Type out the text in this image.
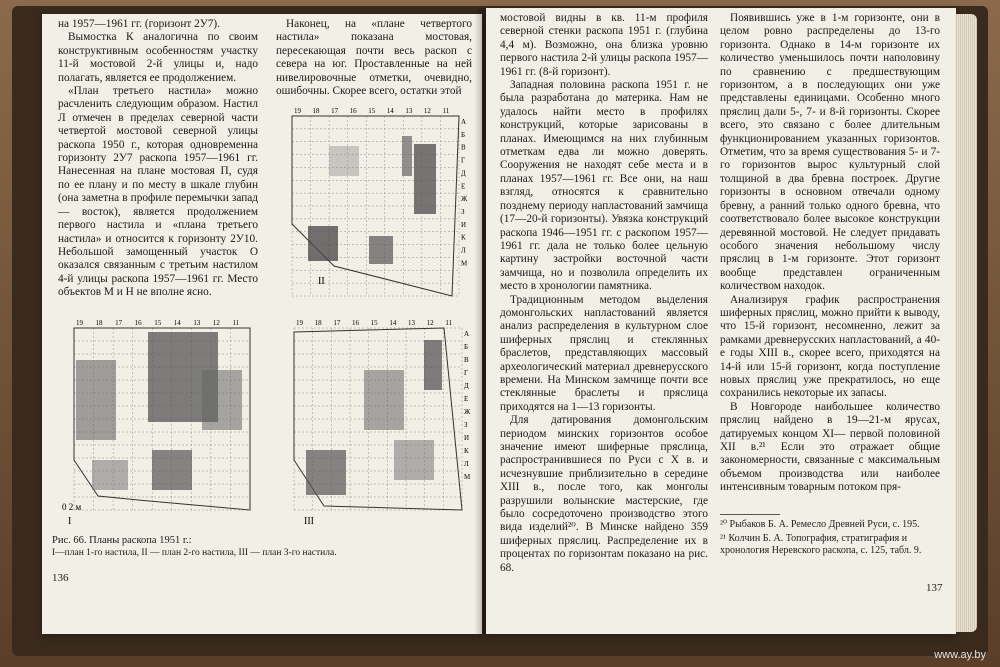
на 1957—1961 гг. (горизонт 2У7).

Вымостка К аналогична по своим конструктивным особенностям участку 11-й мостовой 2-й улицы и, надо полагать, является ее продолжением.

«План третьего настила» можно расчленить следующим образом. Настил Л отмечен в пределах северной части четвертой мостовой северной улицы раскопа 1950 г., которая одновременна горизонту 2У7 раскопа 1957—1961 гг. Нанесенная на плане мостовая П, судя по ее плану и по месту в шкале глубин (она заметна в профиле перемычки запад — восток), является продолжением первого настила и «плана третьего настила» и относится к горизонту 2У10. Небольшой замощенный участок О оказался связанным с третьим настилом 4-й улицы раскопа 1957—1961 гг. Место объектов М и Н не вполне ясно.

Наконец, на «плане четвертого настила» показана мостовая, пересекающая почти весь раскоп с севера на юг. Проставленные на ней нивелировочные отметки, очевидно, ошибочны. Скорее всего, остатки этой

II
19 18 17 16 15 14 13 12 11
А
Б
В
Г
Д
Е
Ж
З
И
К
Л
М
0 2 м
I
19 18 17 16 15 14 13 12 11
III
19 18 17 16 15 14 13 12 11
А
Б
В
Г
Д
Е
Ж
З
И
К
Л
М
Рис. 66. Планы раскопа 1951 г.:
I—план 1-го настила, II — план 2-го настила, III — план 3-го настила.
136

мостовой видны в кв. 11-м профиля северной стенки раскопа 1951 г. (глубина 4,4 м). Возможно, она близка уровню первого настила 2-й улицы раскопа 1957—1961 гг. (8-й горизонт).

Западная половина раскопа 1951 г. не была разработана до материка. Нам не удалось найти место в профилях конструкций, которые зарисованы в планах. Имеющимся на них глубинным отметкам едва ли можно доверять. Сооружения не находят себе места и в планах 1957—1961 гг. Все они, на наш взгляд, относятся к сравнительно позднему периоду напластований замчища (17—20-й горизонты). Увязка конструкций раскопа 1946—1951 гг. с раскопом 1957—1961 гг. дала не только более цельную картину застройки восточной части замчища, но и позволила определить их место в хронологии памятника.

Традиционным методом выделения домонгольских напластований является анализ распределения в культурном слое шиферных пряслиц и стеклянных браслетов, представляющих массовый археологический материал древнерусского времени. На Минском замчище почти все стеклянные браслеты и пряслица приходятся на 1—13 горизонты.

Для датирования домонгольским периодом минских горизонтов особое значение имеют шиферные пряслица, распространившиеся по Руси с X в. и исчезнувшие приблизительно в середине XIII в., после того, как монголы разрушили волынские мастерские, где было сосредоточено производство этого вида изделий²⁰. В Минске найдено 359 шиферных пряслиц. Распределение их в процентах по горизонтам показано на рис. 68.

Появившись уже в 1-м горизонте, они в целом ровно распределены до 13-го горизонта. Однако в 14-м горизонте их количество уменьшилось почти наполовину по сравнению с предшествующим горизонтом, а в последующих они уже представлены единицами. Особенно много пряслиц дали 5-, 7- и 8-й горизонты. Скорее всего, это связано с более длительным функционированием указанных горизонтов. Отметим, что за время существования 5- и 7-го горизонтов вырос культурный слой толщиной в два бревна построек. Другие горизонты в основном отвечали одному бревну, а ранний только одного бревна, что соответствовало более высокое конструкции деревянной мостовой. Не следует придавать особого значения небольшому числу пряслиц в 1-м горизонте. Этот горизонт вообще представлен ограниченным количеством находок.

Анализируя график распространения шиферных пряслиц, можно прийти к выводу, что 15-й горизонт, несомненно, лежит за рамками древнерусских напластований, а 40-е годы XIII в., скорее всего, приходятся на 14-й или 15-й горизонт, когда поступление новых пряслиц уже прекратилось, но еще сохранились некоторые их запасы.

В Новгороде наибольшее количество пряслиц найдено в 19—21-м ярусах, датируемых концом XI— первой половиной XII в.²¹ Если это отражает общие закономерности, связанные с максимальным объемом производства или наиболее интенсивным товарным потоком пря-

²⁰ Рыбаков Б. А. Ремесло Древней Руси, с. 195.
²¹ Колчин Б. А. Топография, стратиграфия и хронология Неревского раскопа, с. 125, табл. 9.
137
www.ay.by
